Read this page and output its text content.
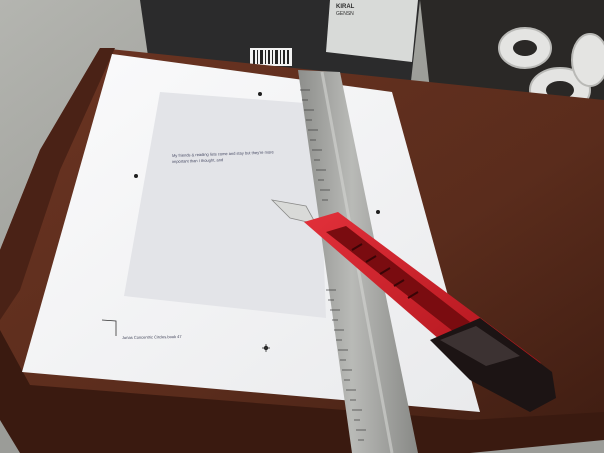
My friends & reading lists come and stay but they're more
important than I thought, and
Jonas Concentric Circles.book 47
KIRAL
GENSN
